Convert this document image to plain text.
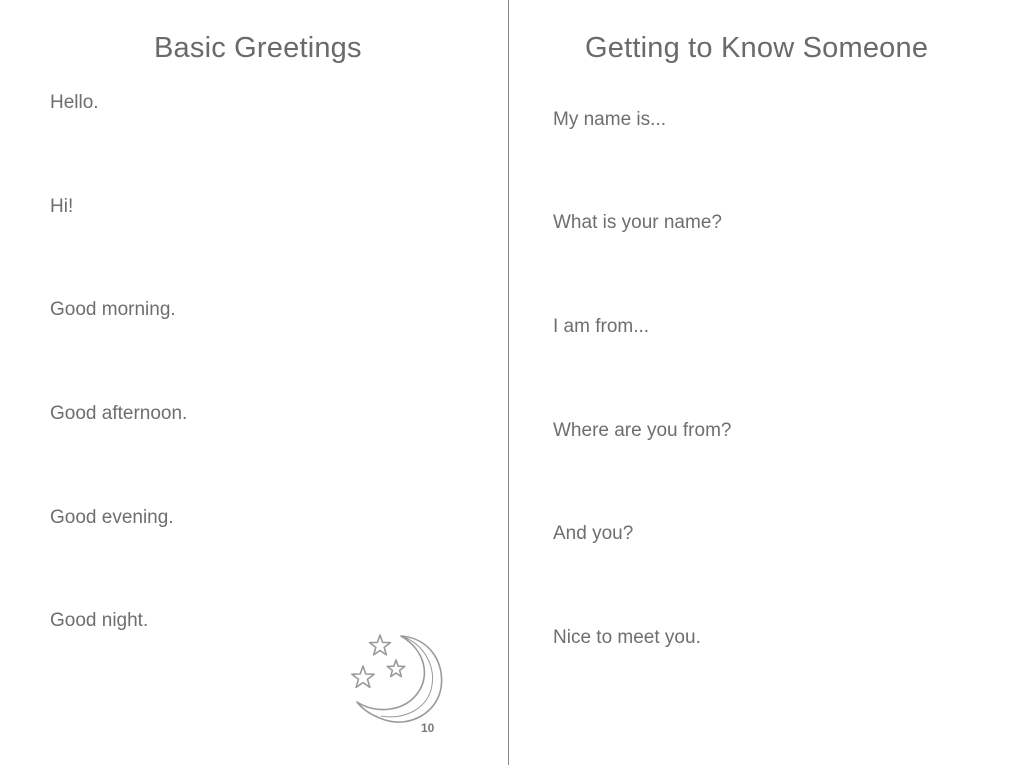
Basic Greetings

Hello.

Hi!

Good morning.

Good afternoon.

Good evening.

Good night.

10
Getting to Know Someone

My name is...

What is your name?

I am from...

Where are you from?

And you?

Nice to meet you.
